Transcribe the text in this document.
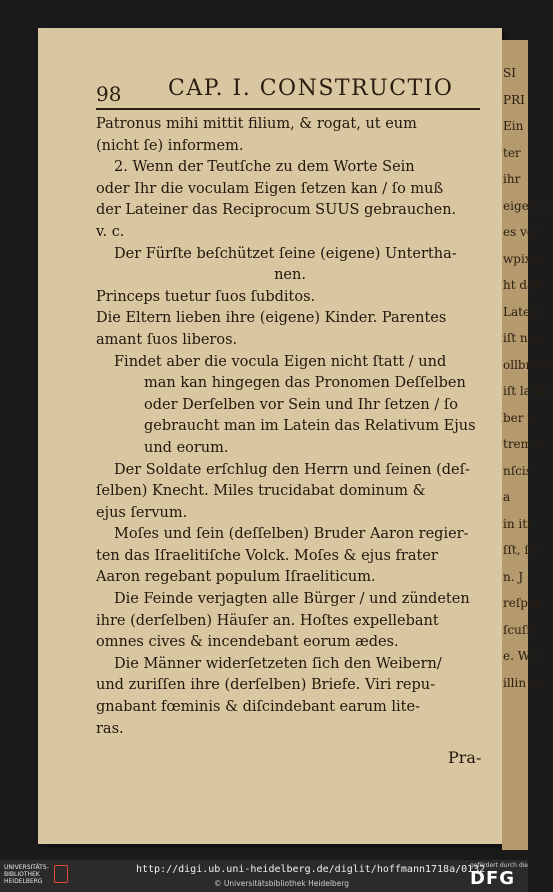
SI
PRI
Ein
ter
ihr
eigen g
es vor
wpixel
ht daß
Latein
iſt nun
ollbrach
iſt lacht
ber n
trem, l
nſcis
a
in itſ
ſſt, ſin
n. J
reſpar
ſcuſiſ
e. Wer
illin un
98 CAP. I. CONSTRUCTIO

Patronus mihi mittit filium, & rogat, ut eum

(nicht ſe) informem.

2. Wenn der Teutſche zu dem Worte Sein

oder Ihr die voculam Eigen ſetzen kan / ſo muß

der Lateiner das Reciprocum SUUS gebrauchen.

v. c.

Der Fürſte beſchützet ſeine (eigene) Untertha-

nen.

Princeps tuetur ſuos ſubditos.

Die Eltern lieben ihre (eigene) Kinder. Parentes

amant ſuos liberos.

Findet aber die vocula Eigen nicht ſtatt / und

man kan hingegen das Pronomen Deſſelben

oder Derſelben vor Sein und Ihr ſetzen / ſo

gebraucht man im Latein das Relativum Ejus

und eorum.

Der Soldate erſchlug den Herrn und ſeinen (deſ-

ſelben) Knecht. Miles trucidabat dominum &

ejus ſervum.

Moſes und ſein (deſſelben) Bruder Aaron regier-

ten das Iſraelitiſche Volck. Moſes & ejus frater

Aaron regebant populum Iſraeliticum.

Die Feinde verjagten alle Bürger / und zündeten

ihre (derſelben) Häuſer an. Hoſtes expellebant

omnes cives & incendebant eorum ædes.

Die Männer widerſetzeten ſich den Weibern/

und zuriſſen ihre (derſelben) Briefe. Viri repu-

gnabant fœminis & diſcindebant earum lite-

ras.

Pra-
UNIVERSITÄTS-
BIBLIOTHEK
HEIDELBERG
http://digi.ub.uni-heidelberg.de/diglit/hoffmann1718a/0132
© Universitätsbibliothek Heidelberg
gefördert durch die
DFG
